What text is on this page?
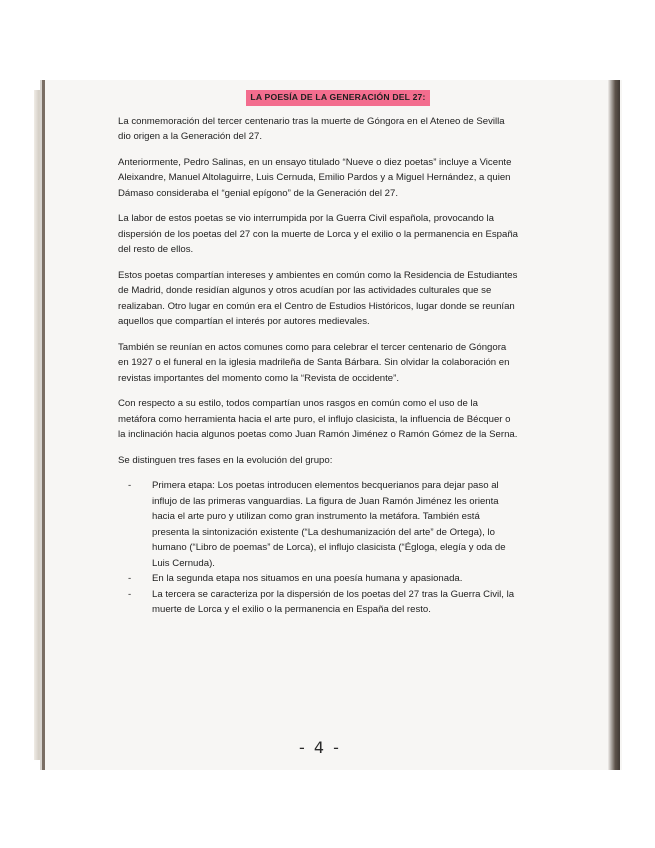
LA POESÍA DE LA GENERACIÓN DEL 27:

La conmemoración del tercer centenario tras la muerte de Góngora en el Ateneo de Sevilla dio origen a la Generación del 27.

Anteriormente, Pedro Salinas, en un ensayo titulado “Nueve o diez poetas” incluye a Vicente Aleixandre, Manuel Altolaguirre, Luis Cernuda, Emilio Pardos y a Miguel Hernández, a quien Dámaso consideraba el “genial epígono” de la Generación del 27.

La labor de estos poetas se vio interrumpida por la Guerra Civil española, provocando la dispersión de los poetas del 27 con la muerte de Lorca y el exilio o la permanencia en España del resto de ellos.

Estos poetas compartían intereses y ambientes en común como la Residencia de Estudiantes de Madrid, donde residían algunos y otros acudían por las actividades culturales que se realizaban. Otro lugar en común era el Centro de Estudios Históricos, lugar donde se reunían aquellos que compartían el interés por autores medievales.

También se reunían en actos comunes como para celebrar el tercer centenario de Góngora en 1927 o el funeral en la iglesia madrileña de Santa Bárbara. Sin olvidar la colaboración en revistas importantes del momento como la “Revista de occidente”.

Con respecto a su estilo, todos compartían unos rasgos en común como el uso de la metáfora como herramienta hacia el arte puro, el influjo clasicista, la influencia de Bécquer o la inclinación hacia algunos poetas como Juan Ramón Jiménez o Ramón Gómez de la Serna.

Se distinguen tres fases en la evolución del grupo:

- Primera etapa: Los poetas introducen elementos becquerianos para dejar paso al influjo de las primeras vanguardias. La figura de Juan Ramón Jiménez les orienta hacia el arte puro y utilizan como gran instrumento la metáfora. También está presenta la sintonización existente (“La deshumanización del arte” de Ortega), lo humano (“Libro de poemas” de Lorca), el influjo clasicista (“Égloga, elegía y oda de Luis Cernuda).
- En la segunda etapa nos situamos en una poesía humana y apasionada.
- La tercera se caracteriza por la dispersión de los poetas del 27 tras la Guerra Civil, la muerte de Lorca y el exilio o la permanencia en España del resto.
- 4 -
